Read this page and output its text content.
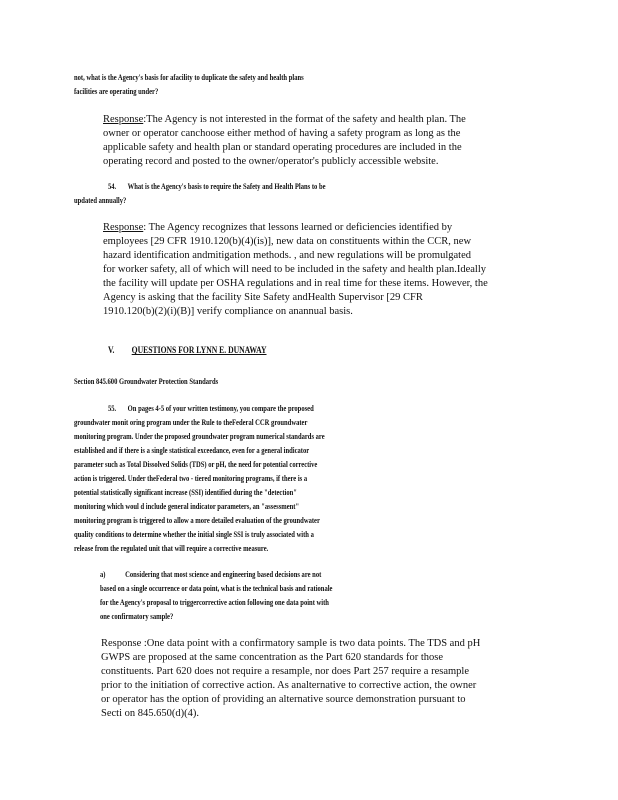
not, what is the Agency's basis for afacility to duplicate the safety and health plans
facilities are operating under?
Response:The Agency is not interested in the format of the safety and health plan. The
owner or operator canchoose either method of having a safety program as long as the
applicable safety and health plan or standard operating procedures are included in the
operating record and posted to the owner/operator's publicly accessible website.
54. What is the Agency's basis to require the Safety and Health Plans to be
updated annually?
Response: The Agency recognizes that lessons learned or deficiencies identified by
employees [29 CFR 1910.120(b)(4)(is)], new data on constituents within the CCR, new
hazard identification andmitigation methods. , and new regulations will be promulgated
for worker safety, all of which will need to be included in the safety and health plan.Ideally
the facility will update per OSHA regulations and in real time for these items. However, the
Agency is asking that the facility Site Safety andHealth Supervisor [29 CFR
1910.120(b)(2)(i)(B)] verify compliance on anannual basis.
V. QUESTIONS FOR LYNN E. DUNAWAY
Section 845.600 Groundwater Protection Standards
55. On pages 4-5 of your written testimony, you compare the proposed
groundwater monit oring program under the Rule to theFederal CCR groundwater
monitoring program. Under the proposed groundwater program numerical standards are
established and if there is a single statistical exceedance, even for a general indicator
parameter such as Total Dissolved Solids (TDS) or pH, the need for potential corrective
action is triggered. Under theFederal two - tiered monitoring programs, if there is a
potential statistically significant increase (SSI) identified during the "detection"
monitoring which woul d include general indicator parameters, an "assessment"
monitoring program is triggered to allow a more detailed evaluation of the groundwater
quality conditions to determine whether the initial single SSI is truly associated with a
release from the regulated unit that will require a corrective measure.
a) Considering that most science and engineering based decisions are not
based on a single occurrence or data point, what is the technical basis and rationale
for the Agency's proposal to triggercorrective action following one data point with
one confirmatory sample?
Response :One data point with a confirmatory sample is two data points. The TDS and pH
GWPS are proposed at the same concentration as the Part 620 standards for those
constituents. Part 620 does not require a resample, nor does Part 257 require a resample
prior to the initiation of corrective action. As analternative to corrective action, the owner
or operator has the option of providing an alternative source demonstration pursuant to
Secti on 845.650(d)(4).
